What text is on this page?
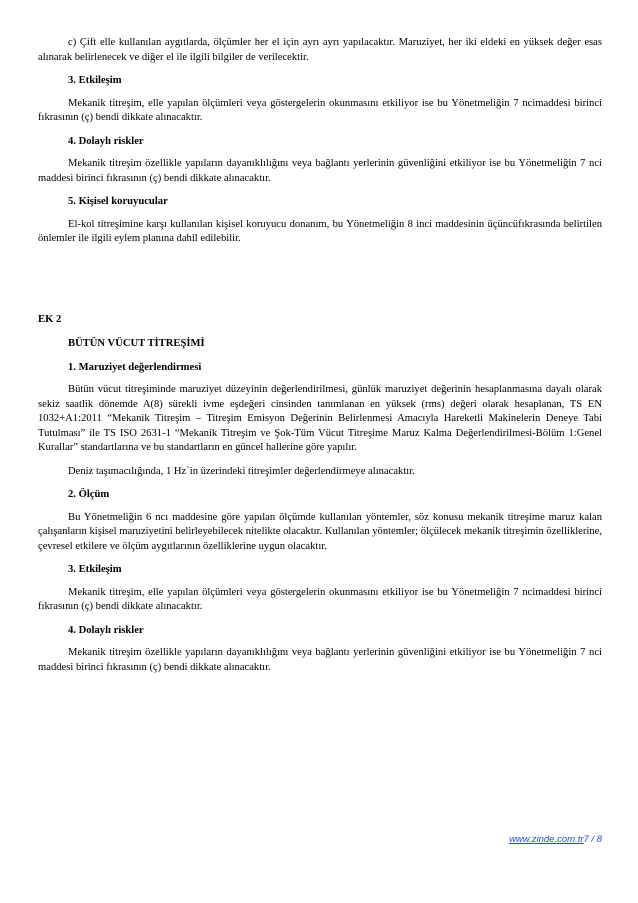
c) Çift elle kullanılan aygıtlarda, ölçümler her el için ayrı ayrı yapılacaktır. Maruziyet, her iki eldeki en yüksek değer esas alınarak belirlenecek ve diğer el ile ilgili bilgiler de verilecektir.

3. Etkileşim

Mekanik titreşim, elle yapılan ölçümleri veya göstergelerin okunmasını etkiliyor ise bu Yönetmeliğin 7 ncimaddesi birinci fıkrasının (ç) bendi dikkate alınacaktır.

4. Dolaylı riskler

Mekanik titreşim özellikle yapıların dayanıklılığını veya bağlantı yerlerinin güvenliğini etkiliyor ise bu Yönetmeliğin 7 nci maddesi birinci fıkrasının (ç) bendi dikkate alınacaktır.

5. Kişisel koruyucular

El-kol titreşimine karşı kullanılan kişisel koruyucu donanım, bu Yönetmeliğin 8 inci maddesinin üçüncüfıkrasında belirtilen önlemler ile ilgili eylem planına dahil edilebilir.

EK 2

BÜTÜN VÜCUT TİTREŞİMİ

1. Maruziyet değerlendirmesi

Bütün vücut titreşiminde maruziyet düzeyinin değerlendirilmesi, günlük maruziyet değerinin hesaplanmasına dayalı olarak sekiz saatlik dönemde A(8) sürekli ivme eşdeğeri cinsinden tanımlanan en yüksek (rms) değeri olarak hesaplanan, TS EN 1032+A1:2011 “Mekanik Titreşim – Titreşim Emisyon Değerinin Belirlenmesi Amacıyla Hareketli Makinelerin Deneye Tabi Tutulması” ile TS ISO 2631-1 “Mekanik Titreşim ve Şok-Tüm Vücut Titreşime Maruz Kalma Değerlendirilmesi-Bölüm 1:Genel Kurallar” standartlarına ve bu standartların en güncel hallerine göre yapılır.

Deniz taşımacılığında, 1 Hz`in üzerindeki titreşimler değerlendirmeye alınacaktır.

2. Ölçüm

Bu Yönetmeliğin 6 ncı maddesine göre yapılan ölçümde kullanılan yöntemler, söz konusu mekanik titreşime maruz kalan çalışanların kişisel maruziyetini belirleyebilecek nitelikte olacaktır. Kullanılan yöntemler; ölçülecek mekanik titreşimin özelliklerine, çevresel etkilere ve ölçüm aygıtlarının özelliklerine uygun olacaktır.

3. Etkileşim

Mekanik titreşim, elle yapılan ölçümleri veya göstergelerin okunmasını etkiliyor ise bu Yönetmeliğin 7 ncimaddesi birinci fıkrasının (ç) bendi dikkate alınacaktır.

4. Dolaylı riskler

Mekanik titreşim özellikle yapıların dayanıklılığını veya bağlantı yerlerinin güvenliğini etkiliyor ise bu Yönetmeliğin 7 nci maddesi birinci fıkrasının (ç) bendi dikkate alınacaktır.

www.zinde.com.tr7 / 8
